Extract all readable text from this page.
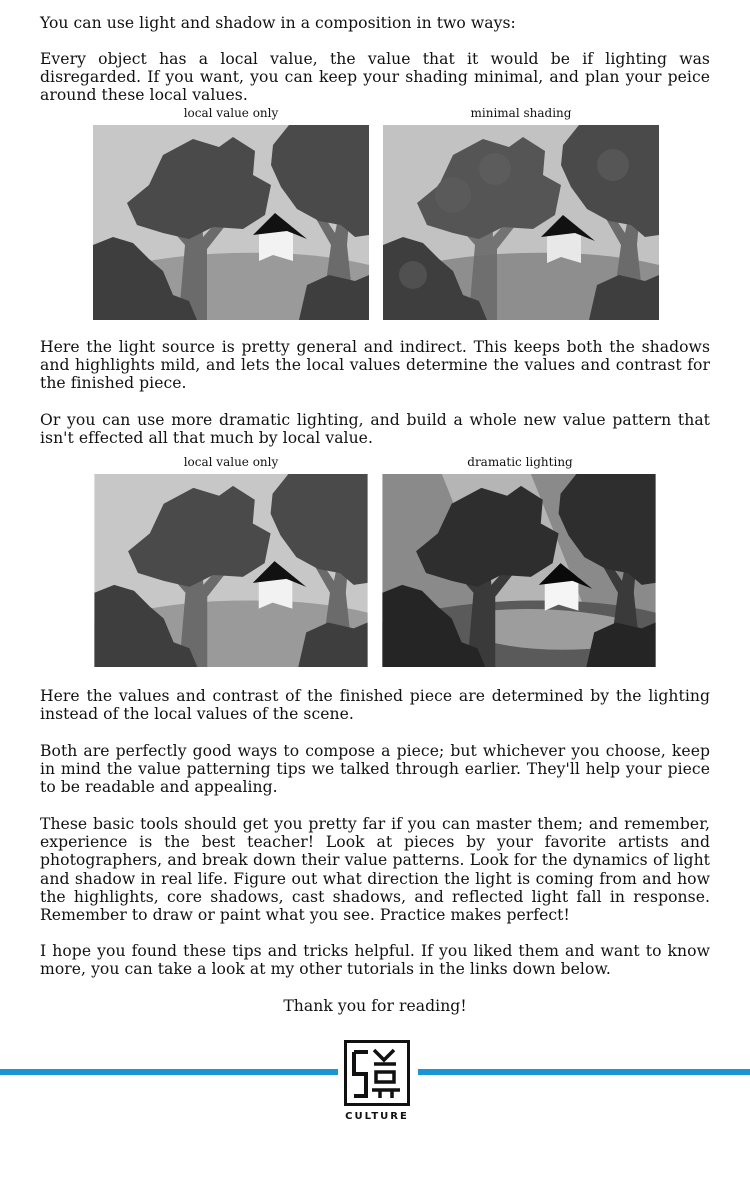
You can use light and shadow in a composition in two ways:

Every object has a local value, the value that it would be if lighting was disregarded. If you want, you can keep your shading minimal, and plan your peice around these local values.

local value only	minimal shading

Here the light source is pretty general and indirect. This keeps both the shadows and highlights mild, and lets the local values determine the values and contrast for the finished piece.

Or you can use more dramatic lighting, and build a whole new value pattern that isn't effected all that much by local value.

local value only	dramatic lighting

Here the values and contrast of the finished piece are determined by the lighting instead of the local values of the scene.

Both are perfectly good ways to compose a piece; but whichever you choose, keep in mind the value patterning tips we talked through earlier. They'll help your piece to be readable and appealing.

These basic tools should get you pretty far if you can master them; and remember, experience is the best teacher! Look at pieces by your favorite artists and photographers, and break down their value patterns. Look for the dynamics of light and shadow in real life. Figure out what direction the light is coming from and how the highlights, core shadows, cast shadows, and reflected light fall in response. Remember to draw or paint what you see. Practice makes perfect!

I hope you found these tips and tricks helpful. If you liked them and want to know more, you can take a look at my other tutorials in the links down below.

Thank you for reading!

CULTURE
